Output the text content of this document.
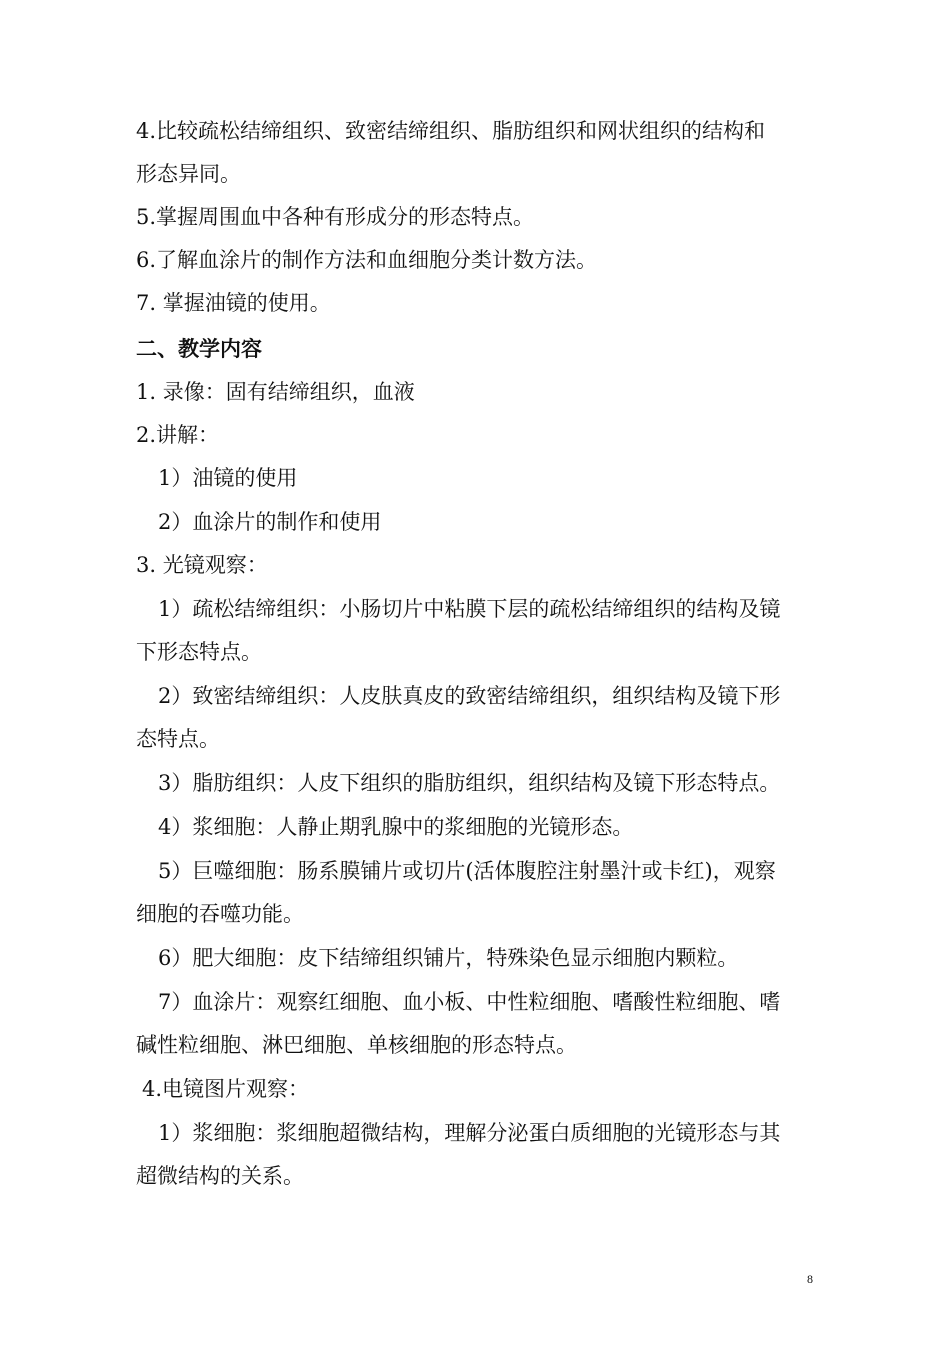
4.比较疏松结缔组织、致密结缔组织、脂肪组织和网状组织的结构和
形态异同。
5.掌握周围血中各种有形成分的形态特点。
6.了解血涂片的制作方法和血细胞分类计数方法。
7. 掌握油镜的使用。
二、教学内容
1. 录像：固有结缔组织，血液
2.讲解：
1）油镜的使用
2）血涂片的制作和使用
3. 光镜观察：
1）疏松结缔组织：小肠切片中粘膜下层的疏松结缔组织的结构及镜
下形态特点。
2）致密结缔组织：人皮肤真皮的致密结缔组织，组织结构及镜下形
态特点。
3）脂肪组织：人皮下组织的脂肪组织，组织结构及镜下形态特点。
4）浆细胞：人静止期乳腺中的浆细胞的光镜形态。
5）巨噬细胞：肠系膜铺片或切片(活体腹腔注射墨汁或卡红)，观察
细胞的吞噬功能。
6）肥大细胞：皮下结缔组织铺片，特殊染色显示细胞内颗粒。
7）血涂片：观察红细胞、血小板、中性粒细胞、嗜酸性粒细胞、嗜
碱性粒细胞、淋巴细胞、单核细胞的形态特点。
4.电镜图片观察：
1）浆细胞：浆细胞超微结构，理解分泌蛋白质细胞的光镜形态与其
超微结构的关系。
8
